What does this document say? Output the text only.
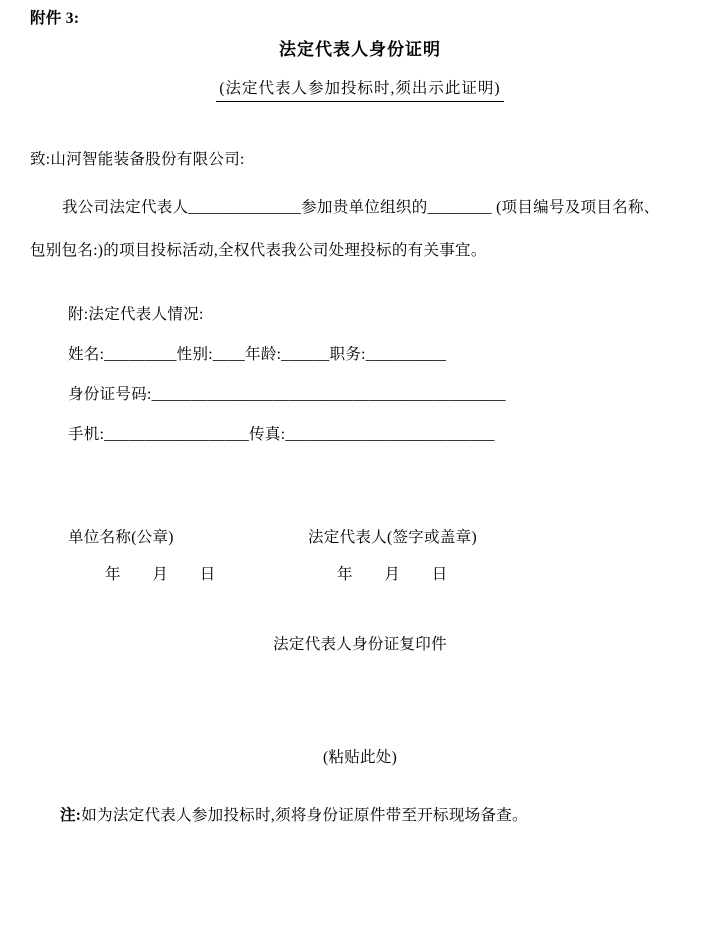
附件 3:
法定代表人身份证明
(法定代表人参加投标时,须出示此证明)
致:山河智能装备股份有限公司:
我公司法定代表人______________参加贵单位组织的________ (项目编号及项目名称、
包别包名:)的项目投标活动,全权代表我公司处理投标的有关事宜。
附:法定代表人情况:
姓名:_________性别:____年龄:______职务:__________
身份证号码:____________________________________________
手机:__________________传真:__________________________
单位名称(公章)	法定代表人(签字或盖章)
年　　月　　日	年　　月　　日
法定代表人身份证复印件
(粘贴此处)
注:如为法定代表人参加投标时,须将身份证原件带至开标现场备查。
